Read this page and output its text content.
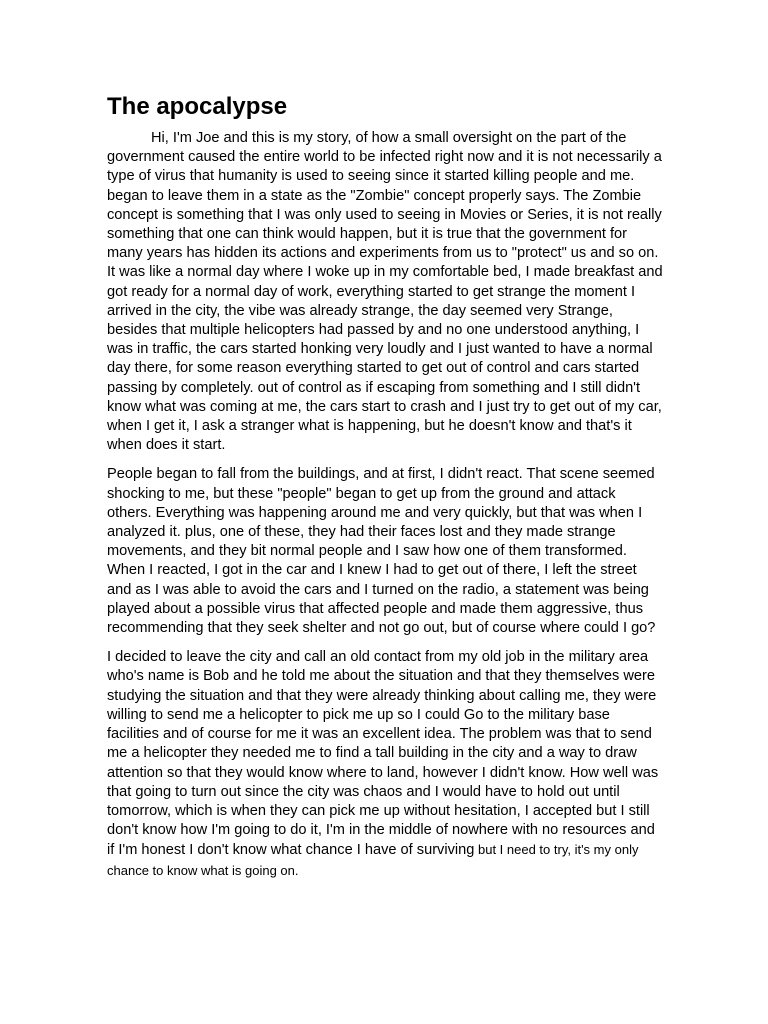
The apocalypse

Hi, I'm Joe and this is my story, of how a small oversight on the part of the government caused the entire world to be infected right now and it is not necessarily a type of virus that humanity is used to seeing since it started killing people and me. began to leave them in a state as the "Zombie" concept properly says. The Zombie concept is something that I was only used to seeing in Movies or Series, it is not really something that one can think would happen, but it is true that the government for many years has hidden its actions and experiments from us to "protect" us and so on. It was like a normal day where I woke up in my comfortable bed, I made breakfast and got ready for a normal day of work, everything started to get strange the moment I arrived in the city, the vibe was already strange, the day seemed very Strange, besides that multiple helicopters had passed by and no one understood anything, I was in traffic, the cars started honking very loudly and I just wanted to have a normal day there, for some reason everything started to get out of control and cars started passing by completely. out of control as if escaping from something and I still didn't know what was coming at me, the cars start to crash and I just try to get out of my car, when I get it, I ask a stranger what is happening, but he doesn't know and that's it when does it start.

People began to fall from the buildings, and at first, I didn't react. That scene seemed shocking to me, but these "people" began to get up from the ground and attack others. Everything was happening around me and very quickly, but that was when I analyzed it. plus, one of these, they had their faces lost and they made strange movements, and they bit normal people and I saw how one of them transformed. When I reacted, I got in the car and I knew I had to get out of there, I left the street and as I was able to avoid the cars and I turned on the radio, a statement was being played about a possible virus that affected people and made them aggressive, thus recommending that they seek shelter and not go out, but of course where could I go?

I decided to leave the city and call an old contact from my old job in the military area who's name is Bob and he told me about the situation and that they themselves were studying the situation and that they were already thinking about calling me, they were willing to send me a helicopter to pick me up so I could Go to the military base facilities and of course for me it was an excellent idea. The problem was that to send me a helicopter they needed me to find a tall building in the city and a way to draw attention so that they would know where to land, however I didn't know. How well was that going to turn out since the city was chaos and I would have to hold out until tomorrow, which is when they can pick me up without hesitation, I accepted but I still don't know how I'm going to do it, I'm in the middle of nowhere with no resources and if I'm honest I don't know what chance I have of surviving but I need to try, it's my only chance to know what is going on.
